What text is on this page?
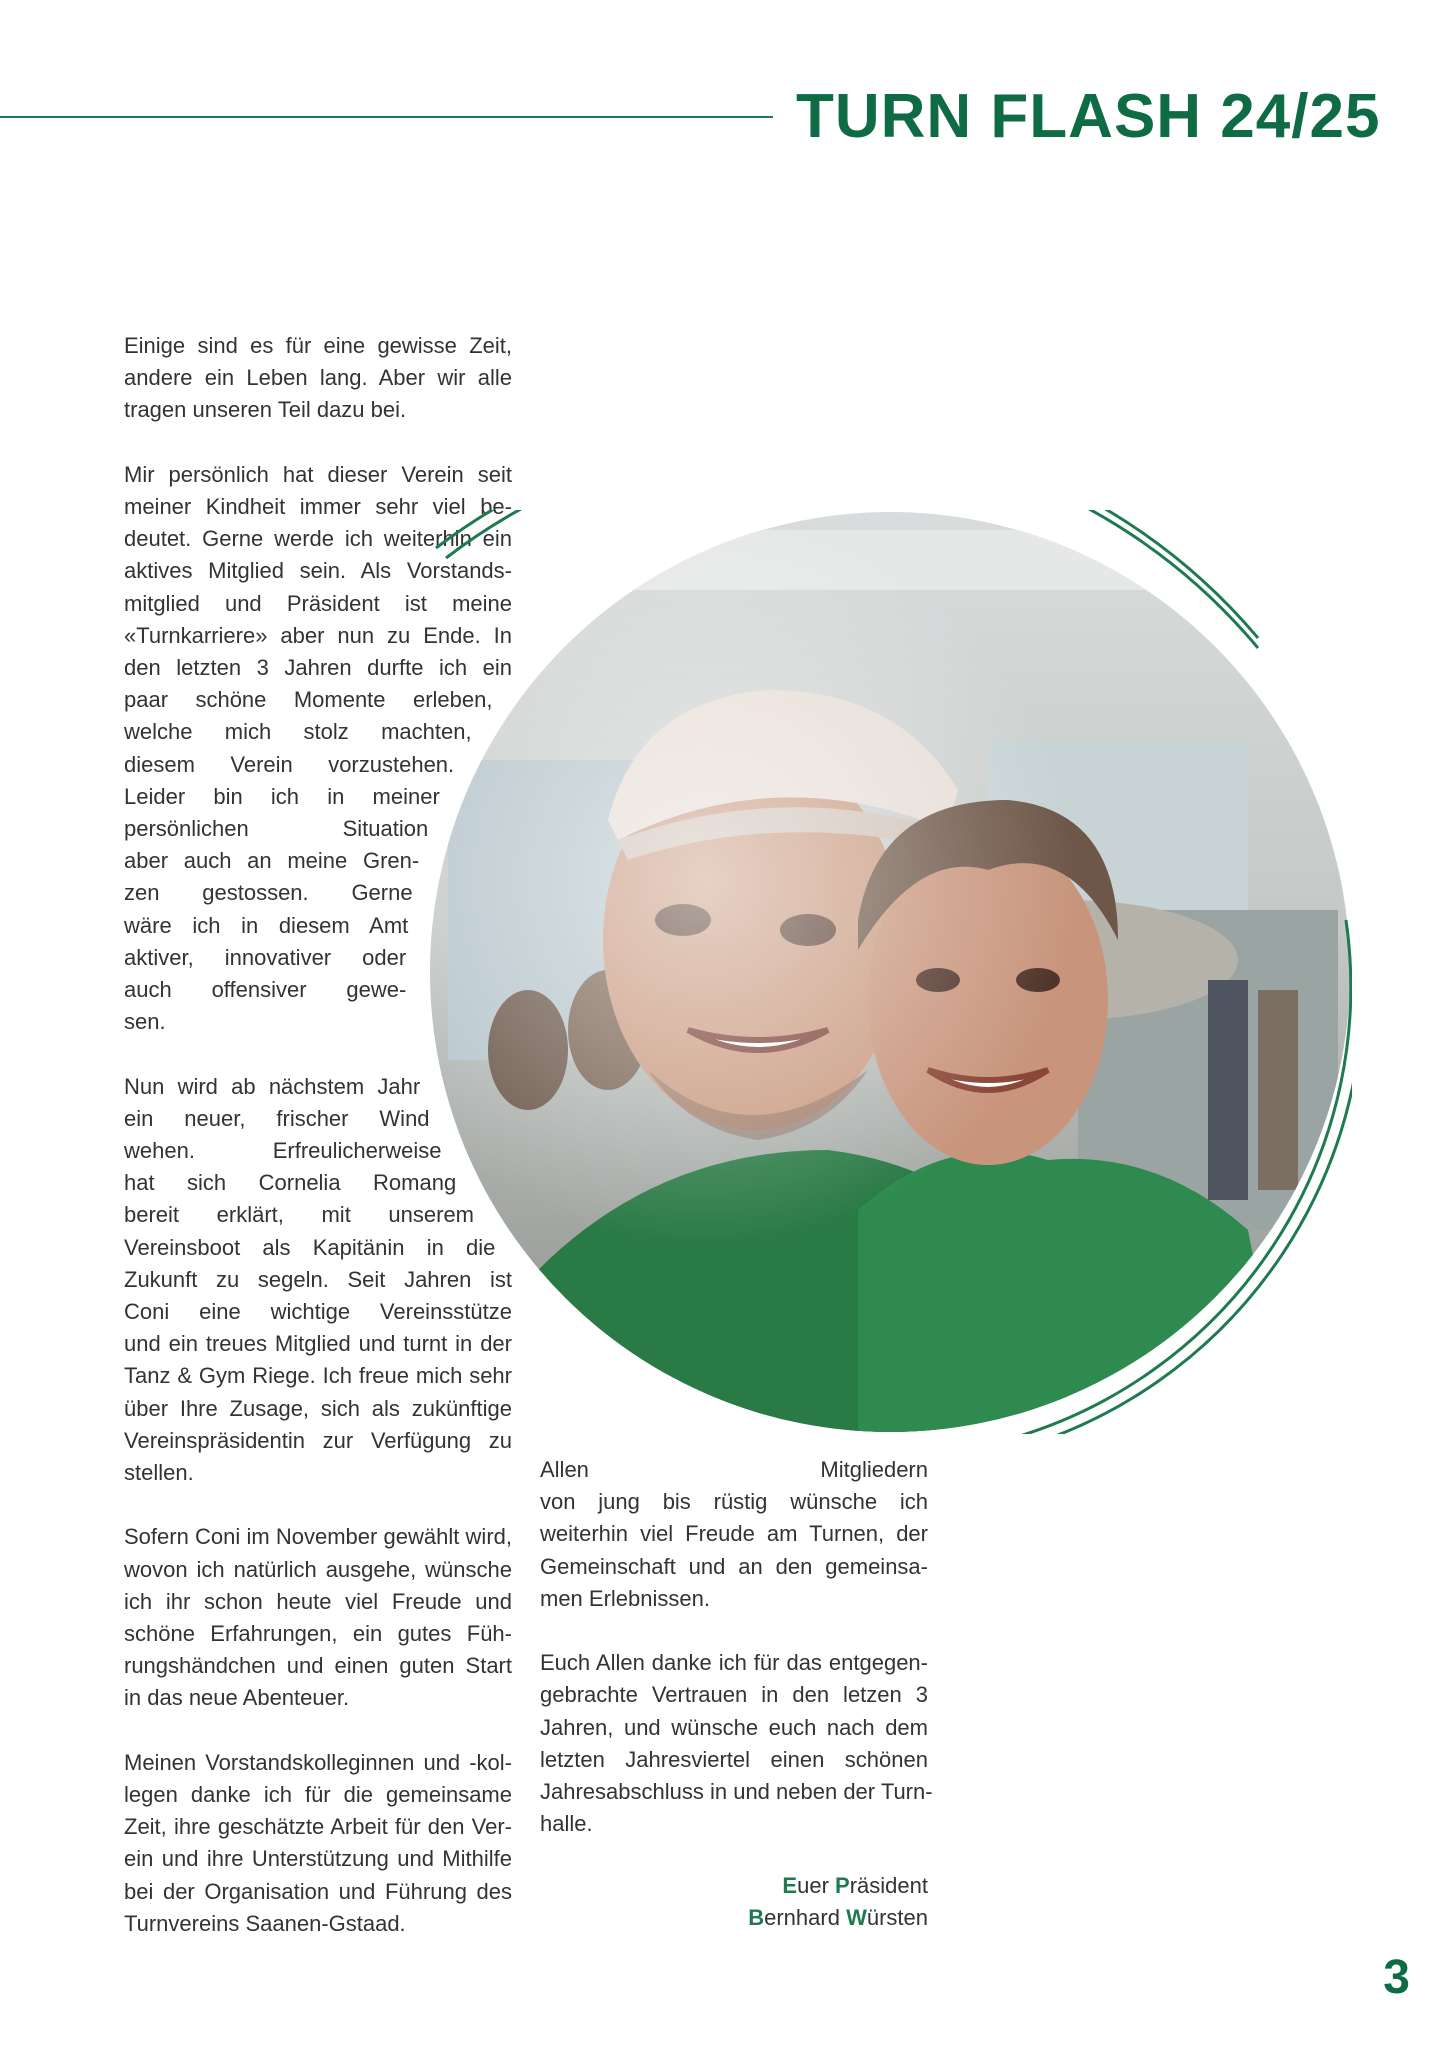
TURN FLASH 24/25

Einige sind es für eine gewisse Zeit,
andere ein Leben lang. Aber wir alle
tragen unseren Teil dazu bei.

Mir persönlich hat dieser Verein seit
meiner Kindheit immer sehr viel be-
deutet. Gerne werde ich weiterhin ein
aktives Mitglied sein. Als Vorstands-
mitglied und Präsident ist meine
«Turnkarriere» aber nun zu Ende. In
den letzten 3 Jahren durfte ich ein
paar schöne Momente erleben,
welche mich stolz machten,
diesem Verein vorzustehen.
Leider bin ich in meiner
persönlichen Situation
aber auch an meine Gren-
zen gestossen. Gerne
wäre ich in diesem Amt
aktiver, innovativer oder
auch offensiver gewe-
sen.

Nun wird ab nächstem Jahr
ein neuer, frischer Wind
wehen. Erfreulicherweise
hat sich Cornelia Romang
bereit erklärt, mit unserem
Vereinsboot als Kapitänin in die
Zukunft zu segeln. Seit Jahren ist
Coni eine wichtige Vereinsstütze
und ein treues Mitglied und turnt in der
Tanz & Gym Riege. Ich freue mich sehr
über Ihre Zusage, sich als zukünftige
Vereinspräsidentin zur Verfügung zu
stellen.

Sofern Coni im November gewählt wird,
wovon ich natürlich ausgehe, wünsche
ich ihr schon heute viel Freude und
schöne Erfahrungen, ein gutes Füh-
rungshändchen und einen guten Start
in das neue Abenteuer.

Meinen Vorstandskolleginnen und -kol-
legen danke ich für die gemeinsame
Zeit, ihre geschätzte Arbeit für den Ver-
ein und ihre Unterstützung und Mithilfe
bei der Organisation und Führung des
Turnvereins Saanen-Gstaad.

Allen Mitgliedern
von jung bis rüstig wünsche ich
weiterhin viel Freude am Turnen, der
Gemeinschaft und an den gemeinsa-
men Erlebnissen.

Euch Allen danke ich für das entgegen-
gebrachte Vertrauen in den letzen 3
Jahren, und wünsche euch nach dem
letzten Jahresviertel einen schönen
Jahresabschluss in und neben der Turn-
halle.

Euer Präsident
Bernhard Würsten
3
